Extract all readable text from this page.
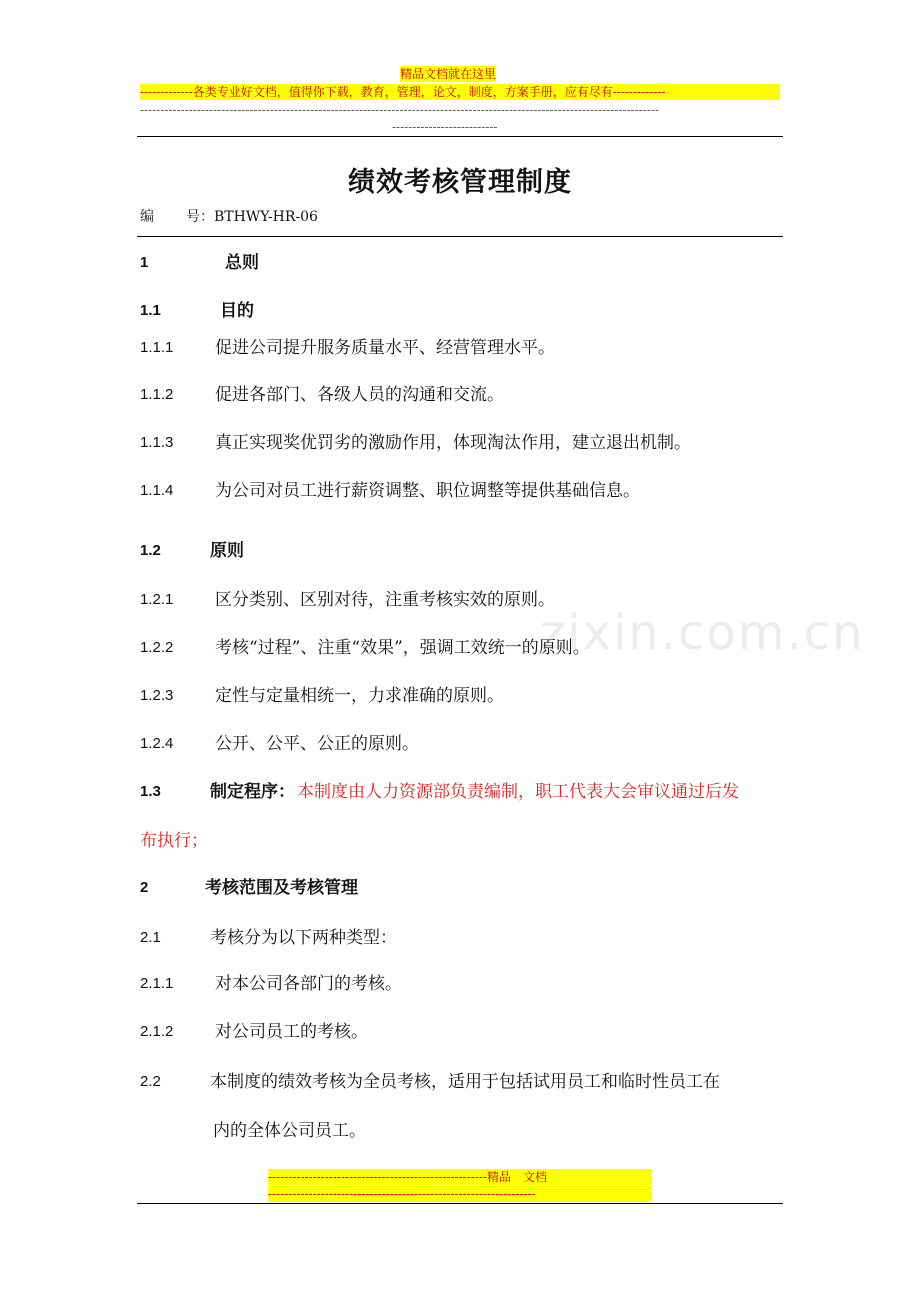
精品文档就在这里
-------------各类专业好文档，值得你下载，教育，管理，论文，制度，方案手册，应有尽有-------------
--------------------------------------------------------------------------------------------------------------------------------
--------------------------
zixin.com.cn
绩效考核管理制度
编 号：BTHWY-HR-06
1	总则
1.1	目的
1.1.1 促进公司提升服务质量水平、经营管理水平。
1.1.2 促进各部门、各级人员的沟通和交流。
1.1.3 真正实现奖优罚劣的激励作用，体现淘汰作用，建立退出机制。
1.1.4 为公司对员工进行薪资调整、职位调整等提供基础信息。
1.2	原则
1.2.1 区分类别、区别对待，注重考核实效的原则。
1.2.2 考核“过程”、注重“效果”，强调工效统一的原则。
1.2.3 定性与定量相统一，力求准确的原则。
1.2.4 公开、公平、公正的原则。
1.3	制定程序： 本制度由人力资源部负责编制，职工代表大会审议通过后发
布执行；
2	考核范围及考核管理
2.1	考核分为以下两种类型：
2.1.1 对本公司各部门的考核。
2.1.2 对公司员工的考核。
2.2	本制度的绩效考核为全员考核，适用于包括试用员工和临时性员工在
内的全体公司员工。
------------------------------------------------------精品　文档
------------------------------------------------------------------
